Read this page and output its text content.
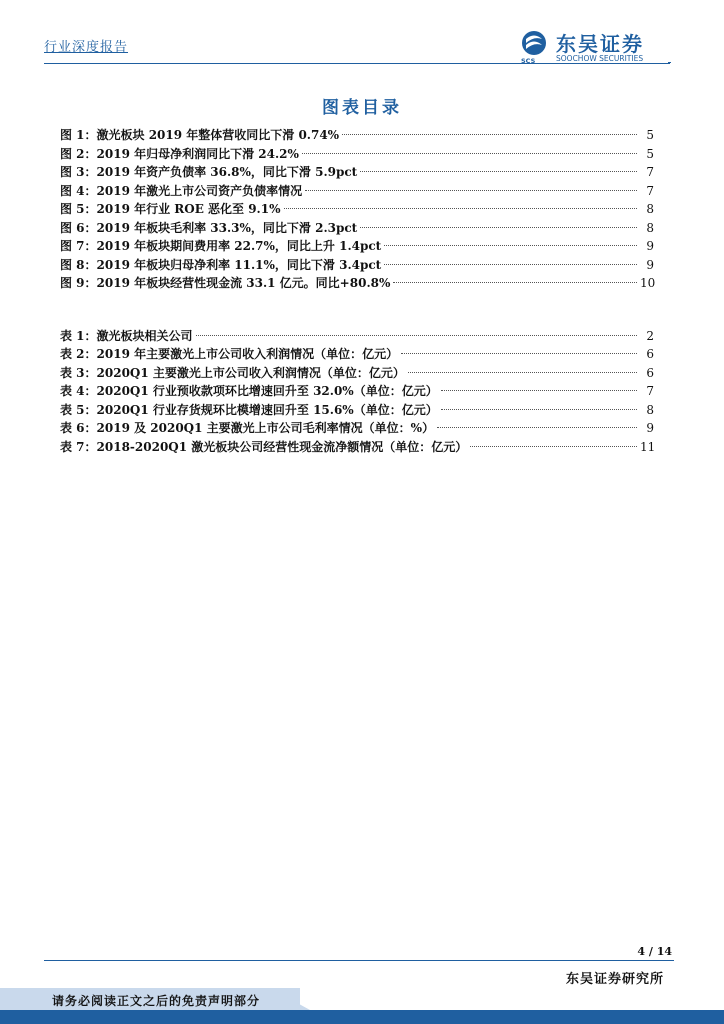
行业深度报告
SCS
东吴证券
SOOCHOW SECURITIES
图表目录
图 1：激光板块 2019 年整体营收同比下滑 0.74%	5
图 2：2019 年归母净利润同比下滑 24.2%	5
图 3：2019 年资产负债率 36.8%，同比下滑 5.9pct	7
图 4：2019 年激光上市公司资产负债率情况	7
图 5：2019 年行业 ROE 恶化至 9.1%	8
图 6：2019 年板块毛利率 33.3%，同比下滑 2.3pct	8
图 7：2019 年板块期间费用率 22.7%，同比上升 1.4pct	9
图 8：2019 年板块归母净利率 11.1%，同比下滑 3.4pct	9
图 9：2019 年板块经营性现金流 33.1 亿元。同比+80.8%	10
表 1：激光板块相关公司	2
表 2：2019 年主要激光上市公司收入利润情况（单位：亿元）	6
表 3：2020Q1 主要激光上市公司收入利润情况（单位：亿元）	6
表 4：2020Q1 行业预收款项环比增速回升至 32.0%（单位：亿元）	7
表 5：2020Q1 行业存货规环比模增速回升至 15.6%（单位：亿元）	8
表 6：2019 及 2020Q1 主要激光上市公司毛利率情况（单位：%）	9
表 7：2018-2020Q1 激光板块公司经营性现金流净额情况（单位：亿元）	11
4 / 14
东吴证券研究所
请务必阅读正文之后的免责声明部分
